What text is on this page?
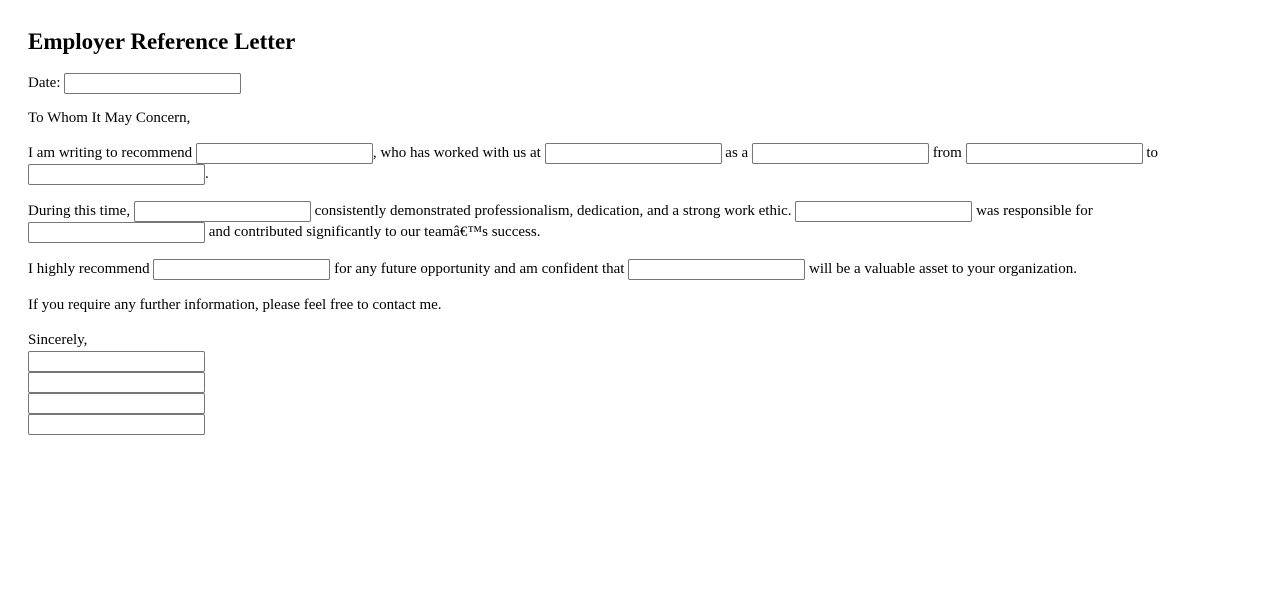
Employer Reference Letter

Date:

To Whom It May Concern,

I am writing to recommend	, who has worked with us at	as a	from	to .

During this time,	consistently demonstrated professionalism, dedication, and a strong work ethic.	was responsible for  and contributed significantly to our teamâ€™s success.

I highly recommend	for any future opportunity and am confident that	will be a valuable asset to your organization.

If you require any further information, please feel free to contact me.

Sincerely,
